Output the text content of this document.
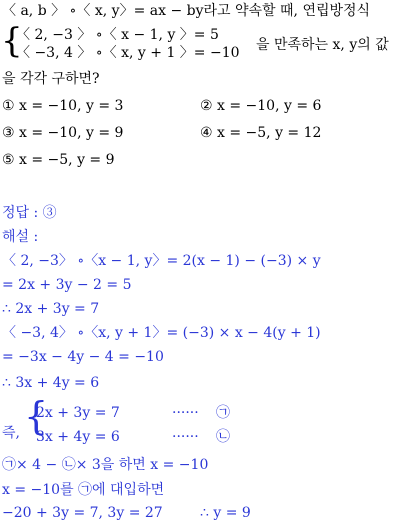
〈 a, b 〉 ∘〈 x, y〉= ax − by라고 약속할 때, 연립방정식
{
〈 2, −3 〉 ∘〈 x − 1, y 〉= 5
〈 −3, 4 〉 ∘〈 x, y + 1 〉= −10 을 만족하는 x, y의 값
을 각각 구하면?
① x = −10, y = 3	② x = −10, y = 6
③ x = −10, y = 9	④ x = −5, y = 12
⑤ x = −5, y = 9
정답 : ③
해설 :
〈 2, −3〉 ∘〈x − 1, y〉= 2(x − 1) − (−3) × y
= 2x + 3y − 2 = 5
∴ 2x + 3y = 7
〈 −3, 4〉 ∘〈x, y + 1〉= (−3) × x − 4(y + 1)
= −3x − 4y − 4 = −10
∴ 3x + 4y = 6
즉, {
2x + 3y = 7	······ ㉠
3x + 4y = 6	······ ㉡
㉠× 4 − ㉡× 3을 하면 x = −10
x = −10를 ㉠에 대입하면
−20 + 3y = 7, 3y = 27	∴ y = 9
